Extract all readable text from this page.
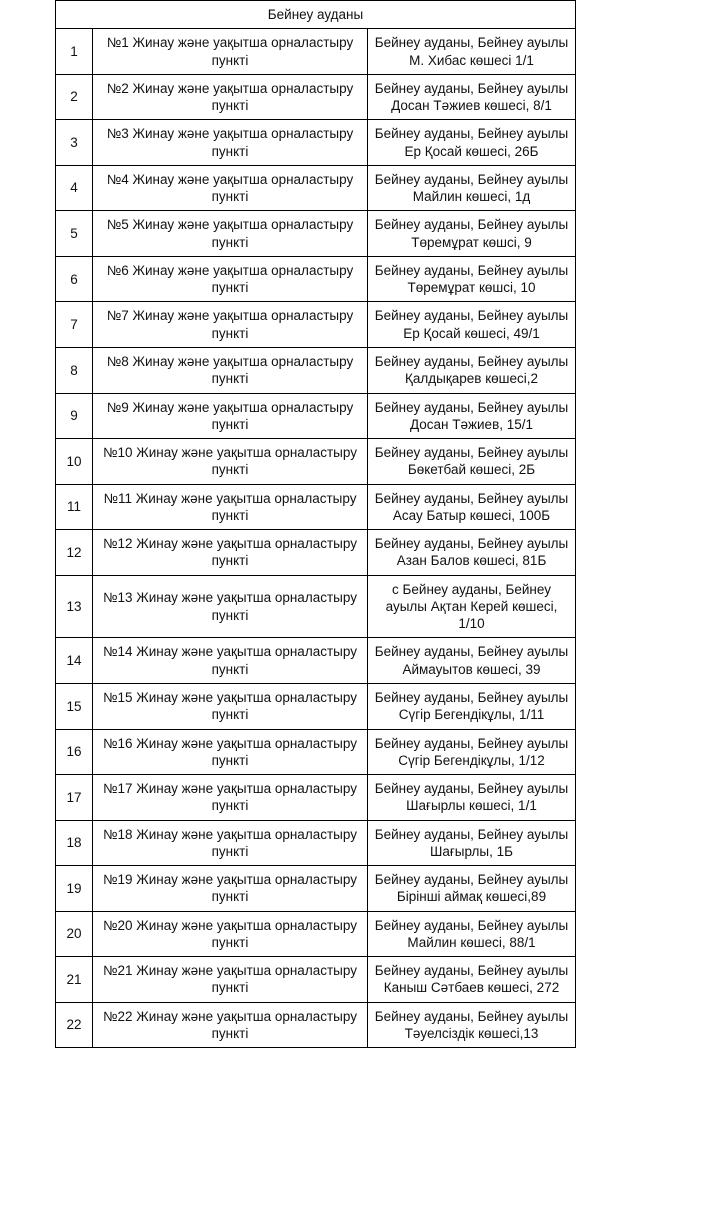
Бейнеу ауданы		
1	№1 Жинау және уақытша орналастыру пункті	Бейнеу ауданы, Бейнеу ауылы М. Хибас көшесі 1/1
2	№2 Жинау және уақытша орналастыру пункті	Бейнеу ауданы, Бейнеу ауылы Досан Тәжиев көшесі, 8/1
3	№3 Жинау және уақытша орналастыру пункті	Бейнеу ауданы, Бейнеу ауылы Ер Қосай көшесі, 26Б
4	№4 Жинау және уақытша орналастыру пункті	Бейнеу ауданы, Бейнеу ауылы Майлин көшесі, 1д
5	№5 Жинау және уақытша орналастыру пункті	Бейнеу ауданы, Бейнеу ауылы Төремұрат көшсі, 9
6	№6 Жинау және уақытша орналастыру пункті	Бейнеу ауданы, Бейнеу ауылы Төремұрат көшсі, 10
7	№7 Жинау және уақытша орналастыру пункті	Бейнеу ауданы, Бейнеу ауылы Ер Қосай көшесі, 49/1
8	№8 Жинау және уақытша орналастыру пункті	Бейнеу ауданы, Бейнеу ауылы Қалдықарев көшесі,2
9	№9 Жинау және уақытша орналастыру пункті	Бейнеу ауданы, Бейнеу ауылы Досан Тәжиев, 15/1
10	№10 Жинау және уақытша орналастыру пункті	Бейнеу ауданы, Бейнеу ауылы Бөкетбай көшесі, 2Б
11	№11 Жинау және уақытша орналастыру пункті	Бейнеу ауданы, Бейнеу ауылы Асау Батыр көшесі, 100Б
12	№12 Жинау және уақытша орналастыру пункті	Бейнеу ауданы, Бейнеу ауылы Азан Балов көшесі, 81Б
13	№13 Жинау және уақытша орналастыру пункті	с Бейнеу ауданы, Бейнеу ауылы Ақтан Керей көшесі, 1/10
14	№14 Жинау және уақытша орналастыру пункті	Бейнеу ауданы, Бейнеу ауылы Аймауытов көшесі, 39
15	№15 Жинау және уақытша орналастыру пункті	Бейнеу ауданы, Бейнеу ауылы Сүгір Бегендікұлы, 1/11
16	№16 Жинау және уақытша орналастыру пункті	Бейнеу ауданы, Бейнеу ауылы Сүгір Бегендікұлы, 1/12
17	№17 Жинау және уақытша орналастыру пункті	Бейнеу ауданы, Бейнеу ауылы Шағырлы көшесі, 1/1
18	№18 Жинау және уақытша орналастыру пункті	Бейнеу ауданы, Бейнеу ауылы Шағырлы, 1Б
19	№19 Жинау және уақытша орналастыру пункті	Бейнеу ауданы, Бейнеу ауылы Бірінші аймақ көшесі,89
20	№20 Жинау және уақытша орналастыру пункті	Бейнеу ауданы, Бейнеу ауылы Майлин көшесі, 88/1
21	№21 Жинау және уақытша орналастыру пункті	Бейнеу ауданы, Бейнеу ауылы Каныш Сәтбаев көшесі, 272
22	№22 Жинау және уақытша орналастыру пункті	Бейнеу ауданы, Бейнеу ауылы Тәуелсіздік көшесі,13
